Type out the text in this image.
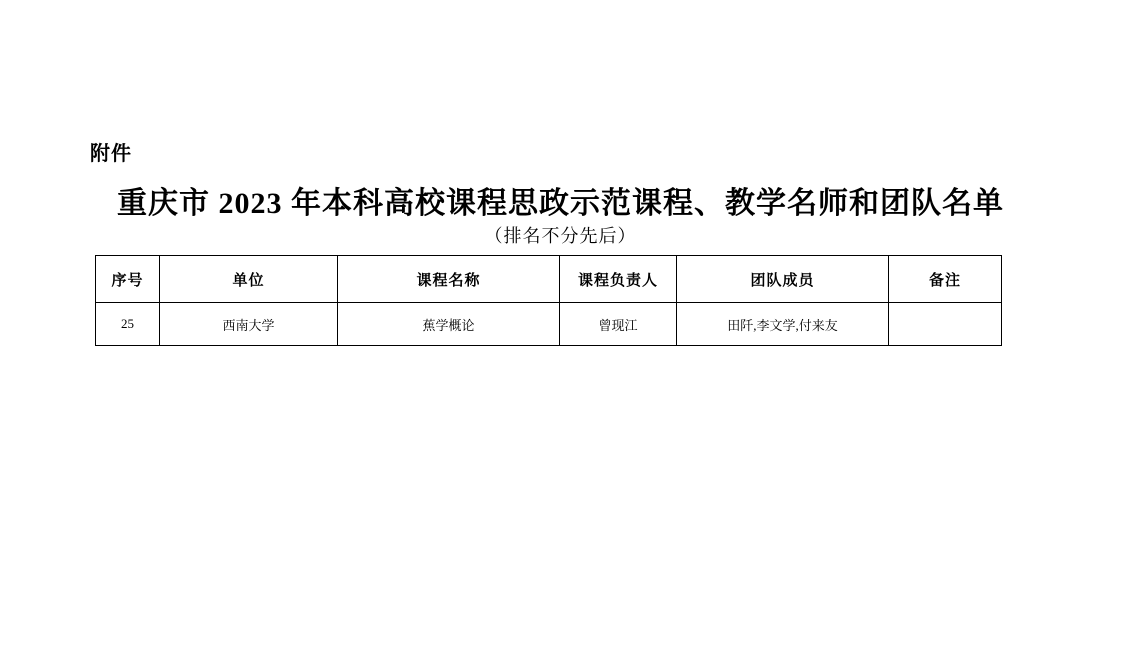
附件
重庆市 2023 年本科高校课程思政示范课程、教学名师和团队名单
（排名不分先后）
序号	单位	课程名称	课程负责人	团队成员	备注
25	西南大学	蕉学概论	曾现江	田阡,李文学,付来友	
